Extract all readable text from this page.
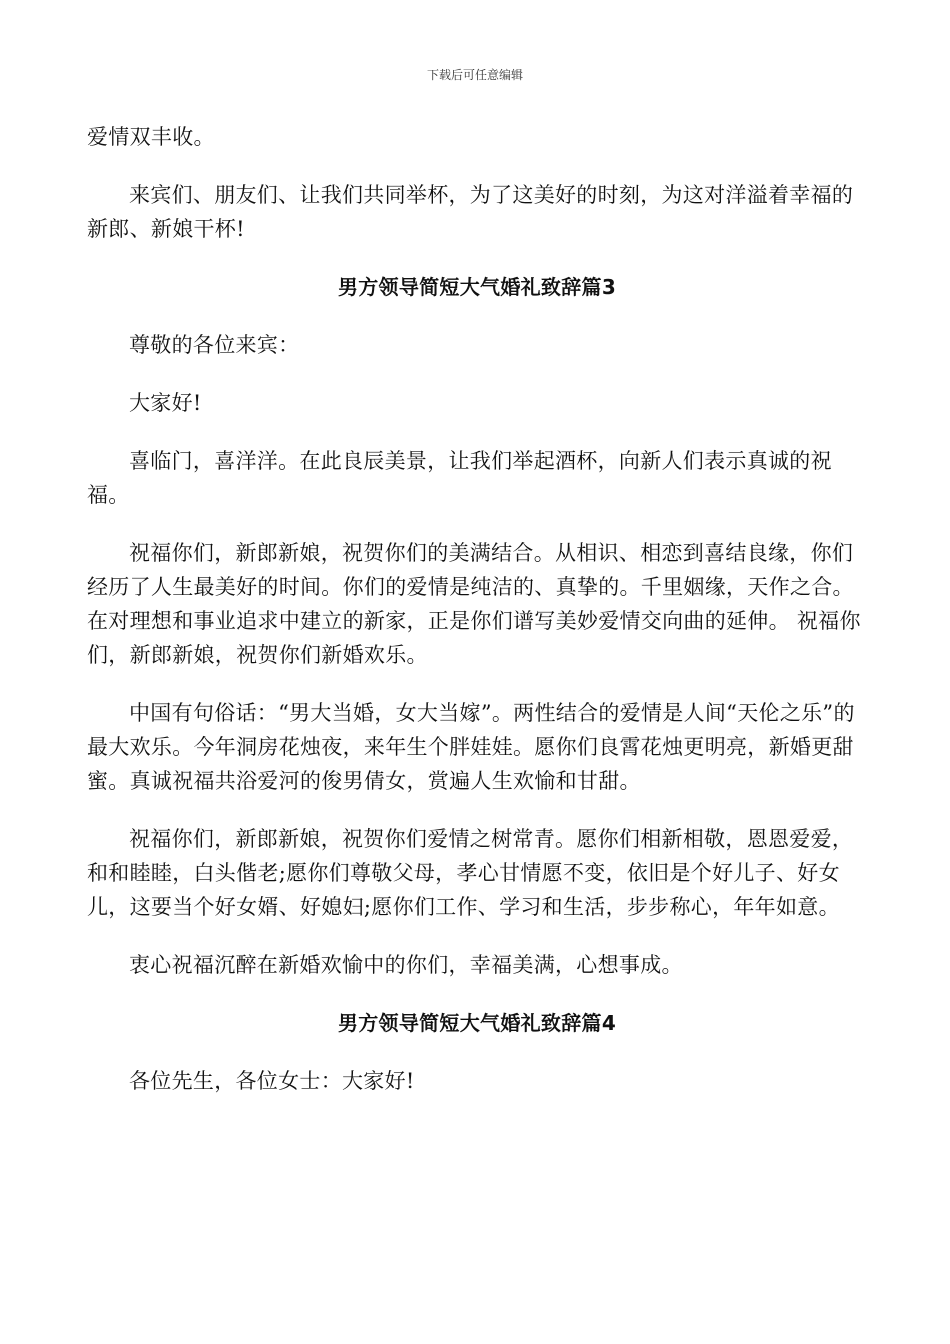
下载后可任意编辑

爱情双丰收。

来宾们、朋友们、让我们共同举杯，为了这美好的时刻，为这对洋溢着幸福的新郎、新娘干杯!

男方领导简短大气婚礼致辞篇3

尊敬的各位来宾：

大家好!

喜临门，喜洋洋。在此良辰美景，让我们举起酒杯，向新人们表示真诚的祝福。

祝福你们，新郎新娘，祝贺你们的美满结合。从相识、相恋到喜结良缘，你们经历了人生最美好的时间。你们的爱情是纯洁的、真挚的。千里姻缘，天作之合。在对理想和事业追求中建立的新家，正是你们谱写美妙爱情交向曲的延伸。 祝福你们，新郎新娘，祝贺你们新婚欢乐。

中国有句俗话：“男大当婚，女大当嫁”。两性结合的爱情是人间“天伦之乐”的最大欢乐。今年洞房花烛夜，来年生个胖娃娃。愿你们良霄花烛更明亮，新婚更甜蜜。真诚祝福共浴爱河的俊男倩女，赏遍人生欢愉和甘甜。

祝福你们，新郎新娘，祝贺你们爱情之树常青。愿你们相新相敬，恩恩爱爱，和和睦睦，白头偕老;愿你们尊敬父母，孝心甘情愿不变，依旧是个好儿子、好女儿，这要当个好女婿、好媳妇;愿你们工作、学习和生活，步步称心，年年如意。

衷心祝福沉醉在新婚欢愉中的你们，幸福美满，心想事成。

男方领导简短大气婚礼致辞篇4

各位先生，各位女士：大家好!
